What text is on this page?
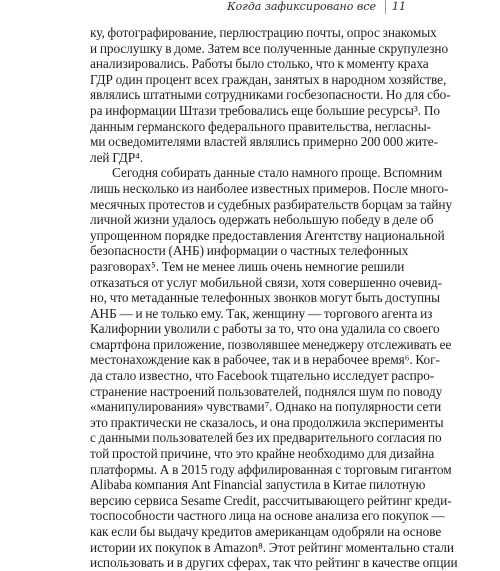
Когда зафиксировано все 11
ку, фотографирование, перлюстрацию почты, опрос знакомых
и прослушку в доме. Затем все полученные данные скрупулезно
анализировались. Работы было столько, что к моменту краха
ГДР один процент всех граждан, занятых в народном хозяйстве,
являлись штатными сотрудниками госбезопасности. Но для сбо-
ра информации Штази требовались еще большие ресурсы³. По
данным германского федерального правительства, негласны-
ми осведомителями властей являлись примерно 200 000 жите-
лей ГДР⁴.
Сегодня собирать данные стало намного проще. Вспомним
лишь несколько из наиболее известных примеров. После много-
месячных протестов и судебных разбирательств борцам за тайну
личной жизни удалось одержать небольшую победу в деле об
упрощенном порядке предоставления Агентству национальной
безопасности (АНБ) информации о частных телефонных
разговорах⁵. Тем не менее лишь очень немногие решили
отказаться от услуг мобильной связи, хотя совершенно очевид-
но, что метаданные телефонных звонков могут быть доступны
АНБ — и не только ему. Так, женщину — торгового агента из
Калифорнии уволили с работы за то, что она удалила со своего
смартфона приложение, позволявшее менеджеру отслеживать ее
местонахождение как в рабочее, так и в нерабочее время⁶. Ког-
да стало известно, что Facebook тщательно исследует распро-
странение настроений пользователей, поднялся шум по поводу
«манипулирования» чувствами⁷. Однако на популярности сети
это практически не сказалось, и она продолжила эксперименты
с данными пользователей без их предварительного согласия по
той простой причине, что это крайне необходимо для дизайна
платформы. А в 2015 году аффилированная с торговым гигантом
Alibaba компания Ant Financial запустила в Китае пилотную
версию сервиса Sesame Credit, рассчитывающего рейтинг креди-
тоспособности частного лица на основе анализа его покупок —
как если бы выдачу кредитов американцам одобряли на основе
истории их покупок в Amazon⁸. Этот рейтинг моментально стали
использовать и в других сферах, так что рейтинг в качестве опции
